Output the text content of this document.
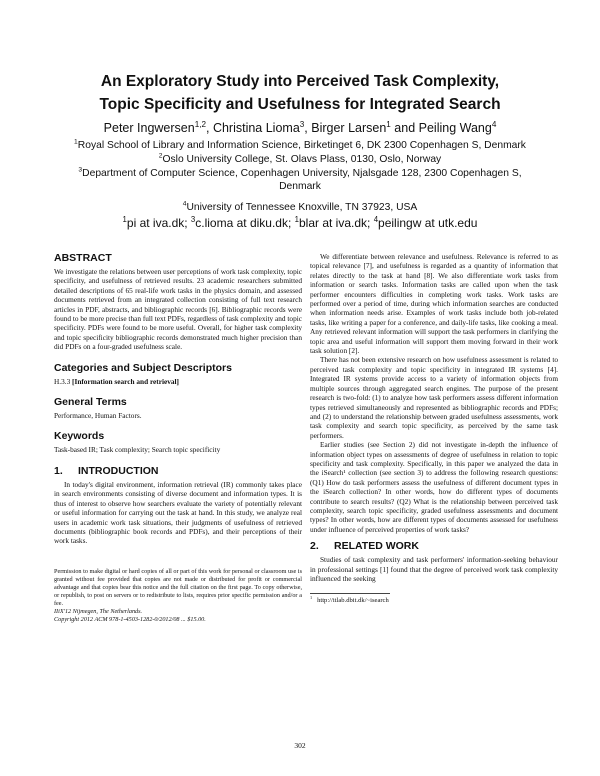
An Exploratory Study into Perceived Task Complexity,
Topic Specificity and Usefulness for Integrated Search
Peter Ingwersen$^{1,2}$, Christina Lioma$^3$, Birger Larsen$^1$ and Peiling Wang$^4$
$^1$Royal School of Library and Information Science, Birketinget 6, DK 2300 Copenhagen S, Denmark
$^2$Oslo University College, St. Olavs Plass, 0130, Oslo, Norway
$^3$Department of Computer Science, Copenhagen University, Njalsgade 128, 2300 Copenhagen S, Denmark
$^4$University of Tennessee Knoxville, TN 37923, USA
$^1$pi at iva.dk; $^3$c.lioma at diku.dk; $^1$blar at iva.dk; $^4$peilingw at utk.edu
ABSTRACT

We investigate the relations between user perceptions of work task complexity, topic specificity, and usefulness of retrieved results. 23 academic researchers submitted detailed descriptions of 65 real-life work tasks in the physics domain, and assessed documents retrieved from an integrated collection consisting of full text research articles in PDF, abstracts, and bibliographic records [6]. Bibliographic records were found to be more precise than full text PDFs, regardless of task complexity and topic specificity. PDFs were found to be more useful. Overall, for higher task complexity and topic specificity bibliographic records demonstrated much higher precision than did PDFs on a four-graded usefulness scale.

Categories and Subject Descriptors

H.3.3 [Information search and retrieval]

General Terms

Performance, Human Factors.

Keywords

Task-based IR; Task complexity; Search topic specificity

1. INTRODUCTION

In today's digital environment, information retrieval (IR) commonly takes place in search environments consisting of diverse document and information types. It is thus of interest to observe how searchers evaluate the variety of potentially relevant or useful information for carrying out the task at hand. In this study, we analyze real users in academic work task situations, their judgments of usefulness of retrieved documents (bibliographic book records and PDFs), and their perceptions of their work tasks.

Permission to make digital or hard copies of all or part of this work for personal or classroom use is granted without fee provided that copies are not made or distributed for profit or commercial advantage and that copies bear this notice and the full citation on the first page. To copy otherwise, or republish, to post on servers or to redistribute to lists, requires prior specific permission and/or a fee.

IIiX'12 Nijmegen, The Netherlands.

Copyright 2012 ACM 978-1-4503-1282-0/2012/08 ... $15.00.

We differentiate between relevance and usefulness. Relevance is referred to as topical relevance [7], and usefulness is regarded as a quantity of information that relates directly to the task at hand [8]. We also differentiate work tasks from information or search tasks. Information tasks are called upon when the task performer encounters difficulties in completing work tasks. Work tasks are performed over a period of time, during which information searches are conducted when information needs arise. Examples of work tasks include both job-related tasks, like writing a paper for a conference, and daily-life tasks, like cooking a meal. Any retrieved relevant information will support the task performers in clarifying the topic area and useful information will support them moving forward in their work task solution [2].

There has not been extensive research on how usefulness assessment is related to perceived task complexity and topic specificity in integrated IR systems [4]. Integrated IR systems provide access to a variety of information objects from multiple sources through aggregated search engines. The purpose of the present research is two-fold: (1) to analyze how task performers assess different information types retrieved simultaneously and represented as bibliographic records and PDFs; and (2) to understand the relationship between graded usefulness assessments, work task complexity and search topic specificity, as perceived by the same task performers.

Earlier studies (see Section 2) did not investigate in-depth the influence of information object types on assessments of degree of usefulness in relation to topic specificity and task complexity. Specifically, in this paper we analyzed the data in the iSearch¹ collection (see section 3) to address the following research questions: (Q1) How do task performers assess the usefulness of different document types in the iSearch collection? In other words, how do different types of documents contribute to search results? (Q2) What is the relationship between perceived task complexity, search topic specificity, graded usefulness assessments and document types? In other words, how are different types of documents assessed for usefulness under influence of perceived properties of work tasks?

2. RELATED WORK

Studies of task complexity and task performers' information-seeking behaviour in professional settings [1] found that the degree of perceived work task complexity influenced the seeking

$^1$ http://itlab.dbit.dk/~isearch

302
